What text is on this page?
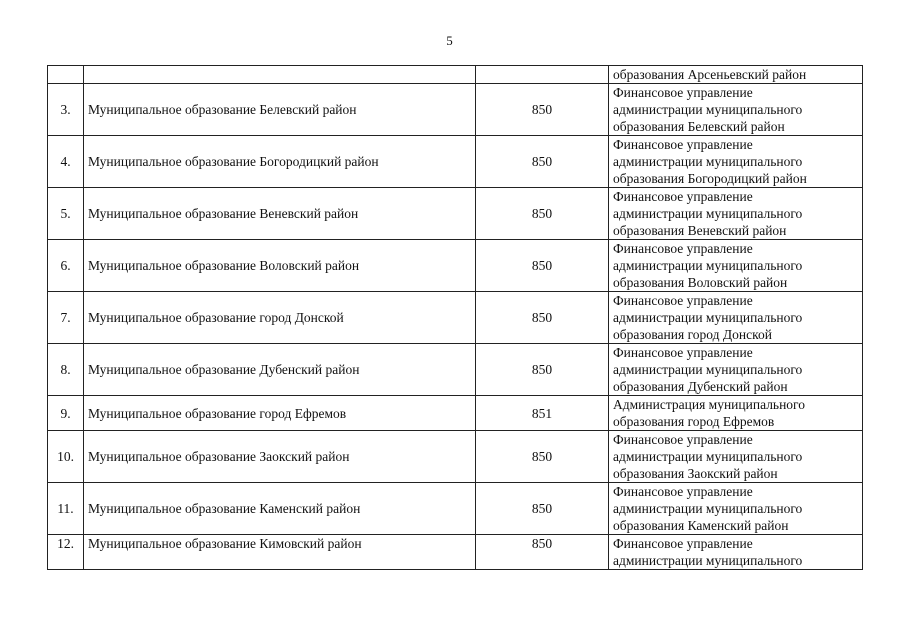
5

			образования Арсеньевский район

3.	Муниципальное образование Белевский район	850	Финансовое управление
администрации муниципального
образования Белевский район

4.	Муниципальное образование Богородицкий район	850	Финансовое управление
администрации муниципального
образования Богородицкий район

5.	Муниципальное образование Веневский район	850	Финансовое управление
администрации муниципального
образования Веневский район

6.	Муниципальное образование Воловский район	850	Финансовое управление
администрации муниципального
образования Воловский район

7.	Муниципальное образование город Донской	850	Финансовое управление
администрации муниципального
образования город Донской

8.	Муниципальное образование Дубенский район	850	Финансовое управление
администрации муниципального
образования Дубенский район

9.	Муниципальное образование город Ефремов	851	Администрация муниципального
образования город Ефремов

10.	Муниципальное образование Заокский район	850	Финансовое управление
администрации муниципального
образования Заокский район

11.	Муниципальное образование Каменский район	850	Финансовое управление
администрации муниципального
образования Каменский район

12.	Муниципальное образование Кимовский район	850	Финансовое управление
администрации муниципального
